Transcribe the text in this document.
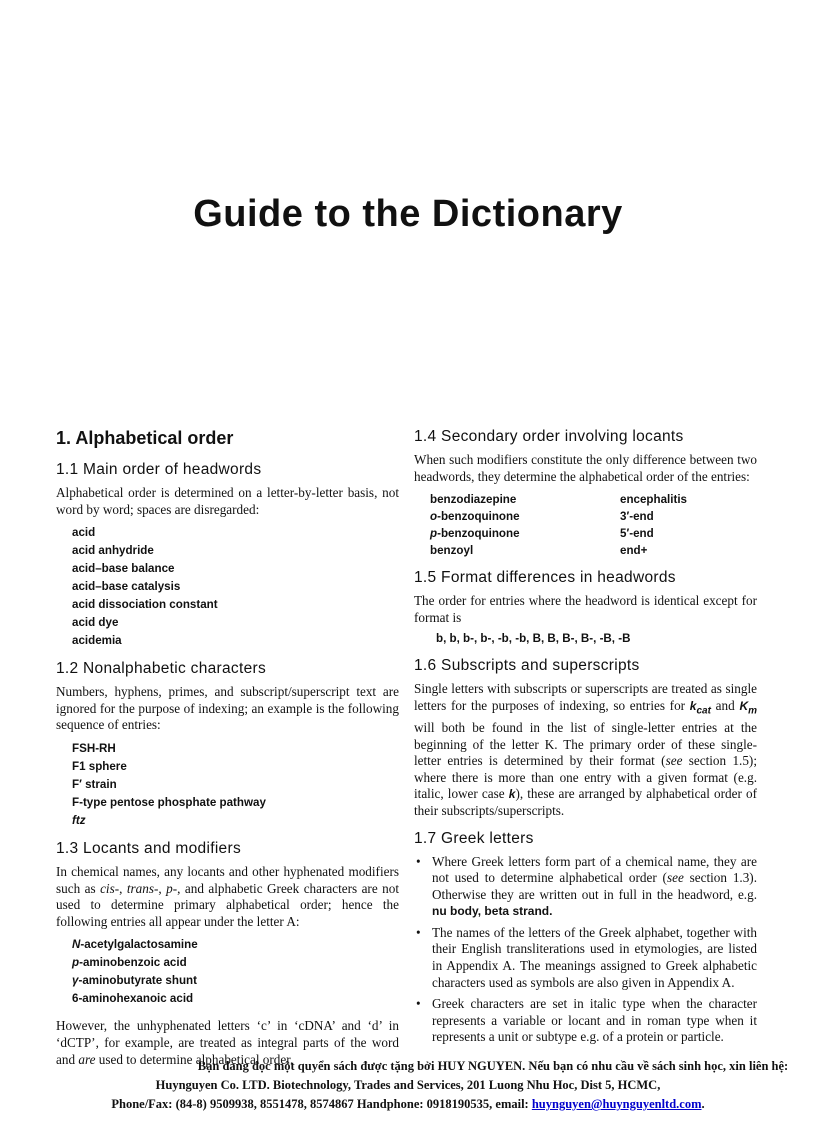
Guide to the Dictionary
1. Alphabetical order
1.1 Main order of headwords

Alphabetical order is determined on a letter-by-letter basis, not word by word; spaces are disregarded:

acid
acid anhydride
acid–base balance
acid–base catalysis
acid dissociation constant
acid dye
acidemia
1.2 Nonalphabetic characters

Numbers, hyphens, primes, and subscript/superscript text are ignored for the purpose of indexing; an example is the following sequence of entries:

FSH-RH
F1 sphere
F′ strain
F-type pentose phosphate pathway
ftz
1.3 Locants and modifiers

In chemical names, any locants and other hyphenated modifiers such as cis-, trans-, p-, and alphabetic Greek characters are not used to determine primary alphabetical order; hence the following entries all appear under the letter A:

N-acetylgalactosamine
p-aminobenzoic acid
γ-aminobutyrate shunt
6-aminohexanoic acid

However, the unhyphenated letters ‘c’ in ‘cDNA’ and ‘d’ in ‘dCTP’, for example, are treated as integral parts of the word and are used to determine alphabetical order.

1.4 Secondary order involving locants

When such modifiers constitute the only difference between two headwords, they determine the alphabetical order of the entries:

benzodiazepine	encephalitis
o-benzoquinone	3′-end
p-benzoquinone	5′-end
benzoyl	end+
1.5 Format differences in headwords

The order for entries where the headword is identical except for format is

b, b, b-, b-, -b, -b, B, B, B-, B-, -B, -B
1.6 Subscripts and superscripts

Single letters with subscripts or superscripts are treated as single letters for the purposes of indexing, so entries for $k_{cat}$ and $K_m$ will both be found in the list of single-letter entries at the beginning of the letter K. The primary order of these single-letter entries is determined by their format (see section 1.5); where there is more than one entry with a given format (e.g. italic, lower case k), these are arranged by alphabetical order of their subscripts/superscripts.

1.7 Greek letters
• Where Greek letters form part of a chemical name, they are not used to determine alphabetical order (see section 1.3). Otherwise they are written out in full in the headword, e.g. nu body, beta strand.
• The names of the letters of the Greek alphabet, together with their English transliterations used in etymologies, are listed in Appendix A. The meanings assigned to Greek alphabetic characters used as symbols are also given in Appendix A.
• Greek characters are set in italic type when the character represents a variable or locant and in roman type when it represents a unit or subtype e.g. of a protein or particle.
Bạn đang đọc một quyển sách được tặng bởi HUY NGUYEN. Nếu bạn có nhu cầu về sách sinh học, xin liên hệ:
Huynguyen Co. LTD. Biotechnology, Trades and Services, 201 Luong Nhu Hoc, Dist 5, HCMC,
Phone/Fax: (84-8) 9509938, 8551478, 8574867 Handphone: 0918190535, email: huynguyen@huynguyenltd.com.
